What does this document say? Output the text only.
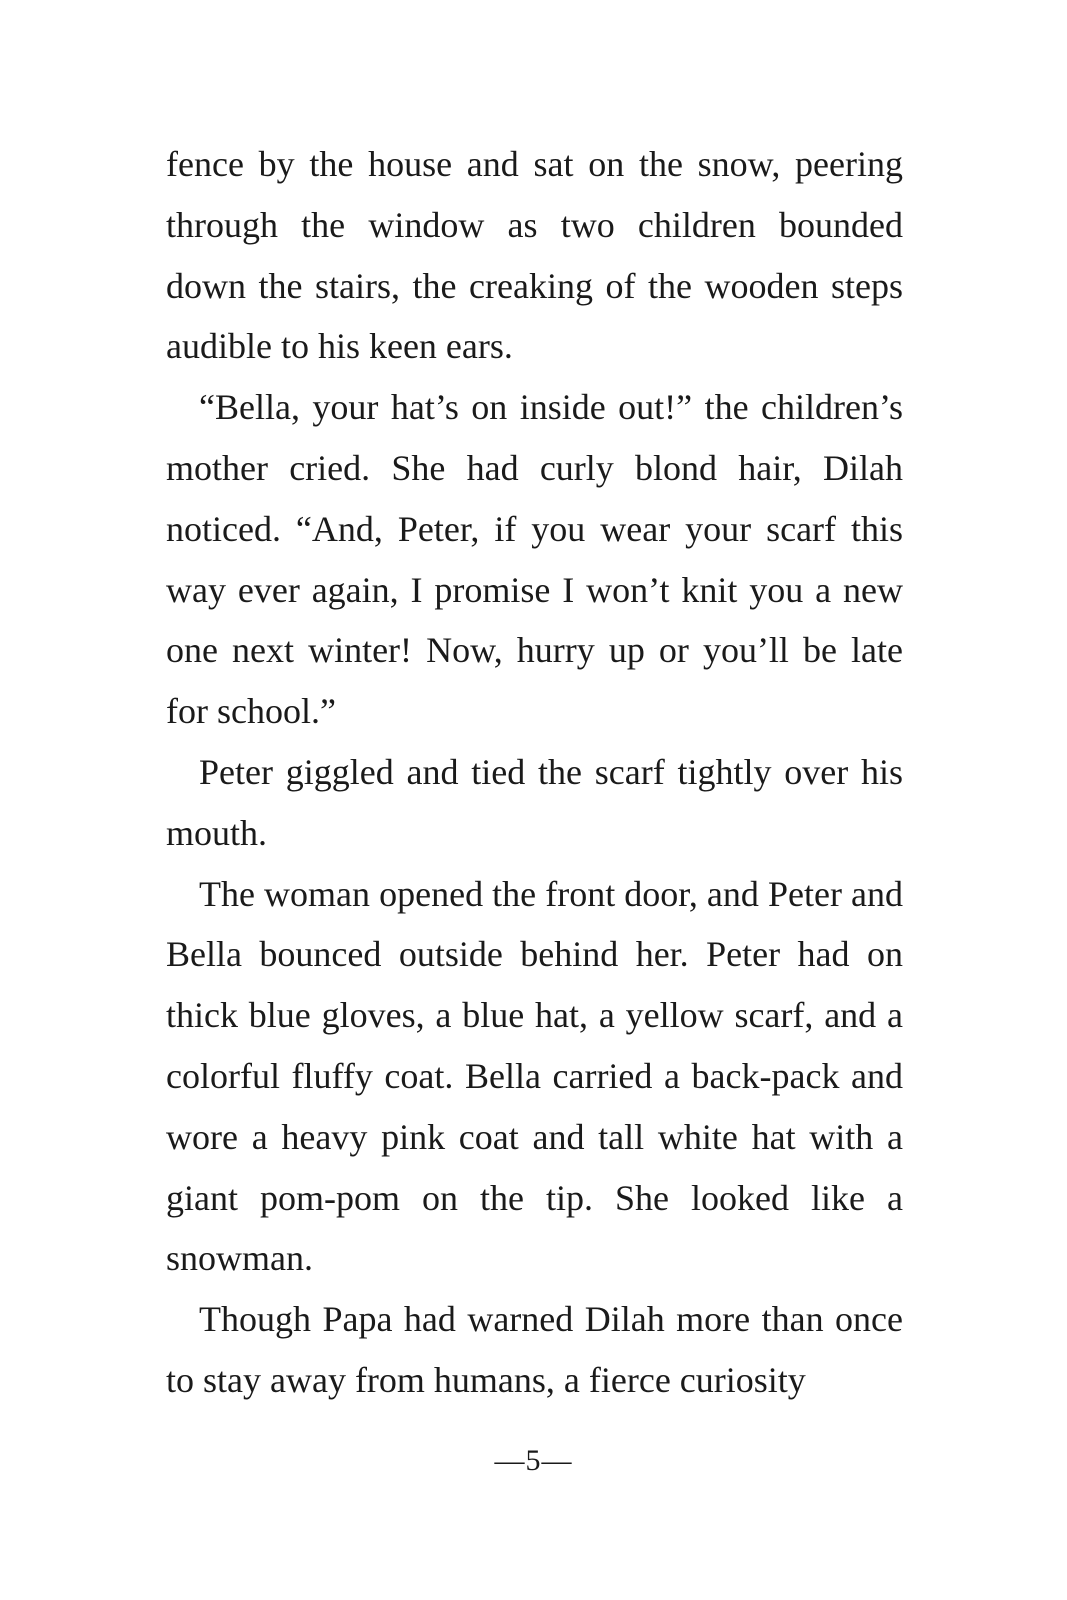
fence by the house and sat on the snow, peering through the window as two children bounded down the stairs, the creaking of the wooden steps audible to his keen ears.

“Bella, your hat’s on inside out!” the children’s mother cried. She had curly blond hair, Dilah noticed. “And, Peter, if you wear your scarf this way ever again, I promise I won’t knit you a new one next winter! Now, hurry up or you’ll be late for school.”

Peter giggled and tied the scarf tightly over his mouth.

The woman opened the front door, and Peter and Bella bounced outside behind her. Peter had on thick blue gloves, a blue hat, a yellow scarf, and a colorful fluffy coat. Bella carried a back-pack and wore a heavy pink coat and tall white hat with a giant pom-pom on the tip. She looked like a snowman.

Though Papa had warned Dilah more than once to stay away from humans, a fierce curiosity

—5—
